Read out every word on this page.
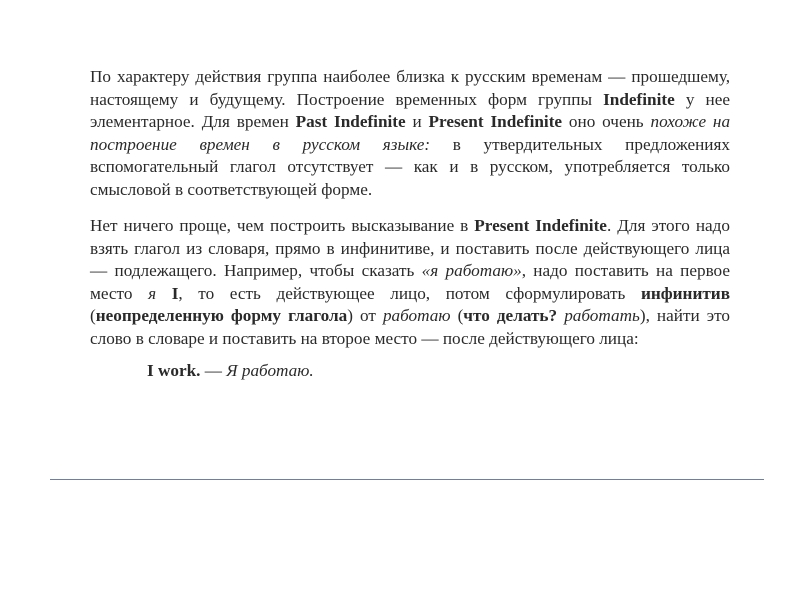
По характеру действия группа наиболее близка к русским временам — прошедшему, настоящему и будущему. Построение временных форм группы Indefinite у нее элементарное. Для времен Past Indefinite и Present Indefinite оно очень похоже на построение времен в русском языке: в утвердительных предложениях вспомогательный глагол отсутствует — как и в русском, употребляется только смысловой в соответствующей форме.

Нет ничего проще, чем построить высказывание в Present Indefinite. Для этого надо взять глагол из словаря, прямо в инфинитиве, и поставить после действующего лица — подлежащего. Например, чтобы сказать «я работаю», надо поставить на первое место я I, то есть действующее лицо, потом сформулировать инфинитив (неопределенную форму глагола) от работаю (что делать? работать), найти это слово в словаре и поставить на второе место — после действующего лица:

I work. — Я работаю.
